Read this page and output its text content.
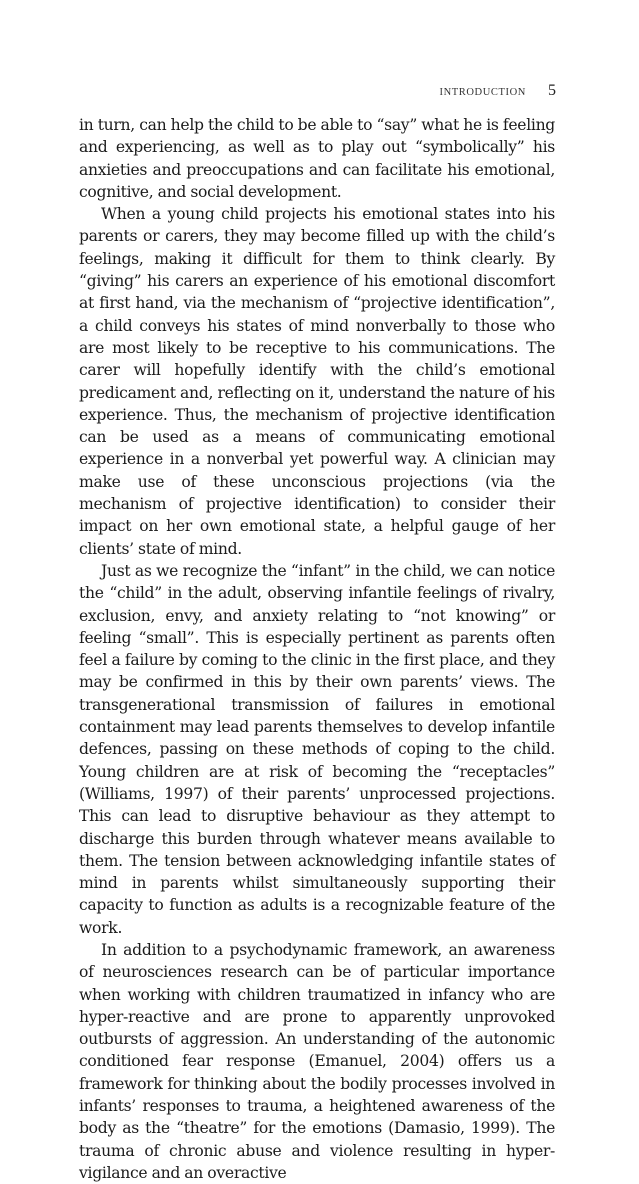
INTRODUCTION 5

in turn, can help the child to be able to “say” what he is feeling and experiencing, as well as to play out “symbolically” his anxieties and preoccupations and can facilitate his emotional, cognitive, and social development.

When a young child projects his emotional states into his parents or carers, they may become filled up with the child’s feelings, making it difficult for them to think clearly. By “giving” his carers an experience of his emotional discomfort at first hand, via the mechanism of “projective identification”, a child conveys his states of mind nonverbally to those who are most likely to be receptive to his communications. The carer will hopefully identify with the child’s emotional predicament and, reflecting on it, understand the nature of his experience. Thus, the mechanism of projective identification can be used as a means of communicating emotional experience in a nonverbal yet powerful way. A clinician may make use of these unconscious projections (via the mechanism of projective identification) to consider their impact on her own emotional state, a helpful gauge of her clients’ state of mind.

Just as we recognize the “infant” in the child, we can notice the “child” in the adult, observing infantile feelings of rivalry, exclusion, envy, and anxiety relating to “not knowing” or feeling “small”. This is especially pertinent as parents often feel a failure by coming to the clinic in the first place, and they may be confirmed in this by their own parents’ views. The transgenerational transmission of failures in emotional containment may lead parents themselves to develop infantile defences, passing on these methods of coping to the child. Young children are at risk of becoming the “receptacles” (Williams, 1997) of their parents’ unprocessed projections. This can lead to disruptive behaviour as they attempt to discharge this burden through whatever means available to them. The tension between acknowledging infantile states of mind in parents whilst simultaneously supporting their capacity to function as adults is a recognizable feature of the work.

In addition to a psychodynamic framework, an awareness of neurosciences research can be of particular importance when working with children traumatized in infancy who are hyper-reactive and are prone to apparently unprovoked outbursts of aggression. An understanding of the autonomic conditioned fear response (Emanuel, 2004) offers us a framework for thinking about the bodily processes involved in infants’ responses to trauma, a heightened awareness of the body as the “theatre” for the emotions (Damasio, 1999). The trauma of chronic abuse and violence resulting in hyper-vigilance and an overactive
